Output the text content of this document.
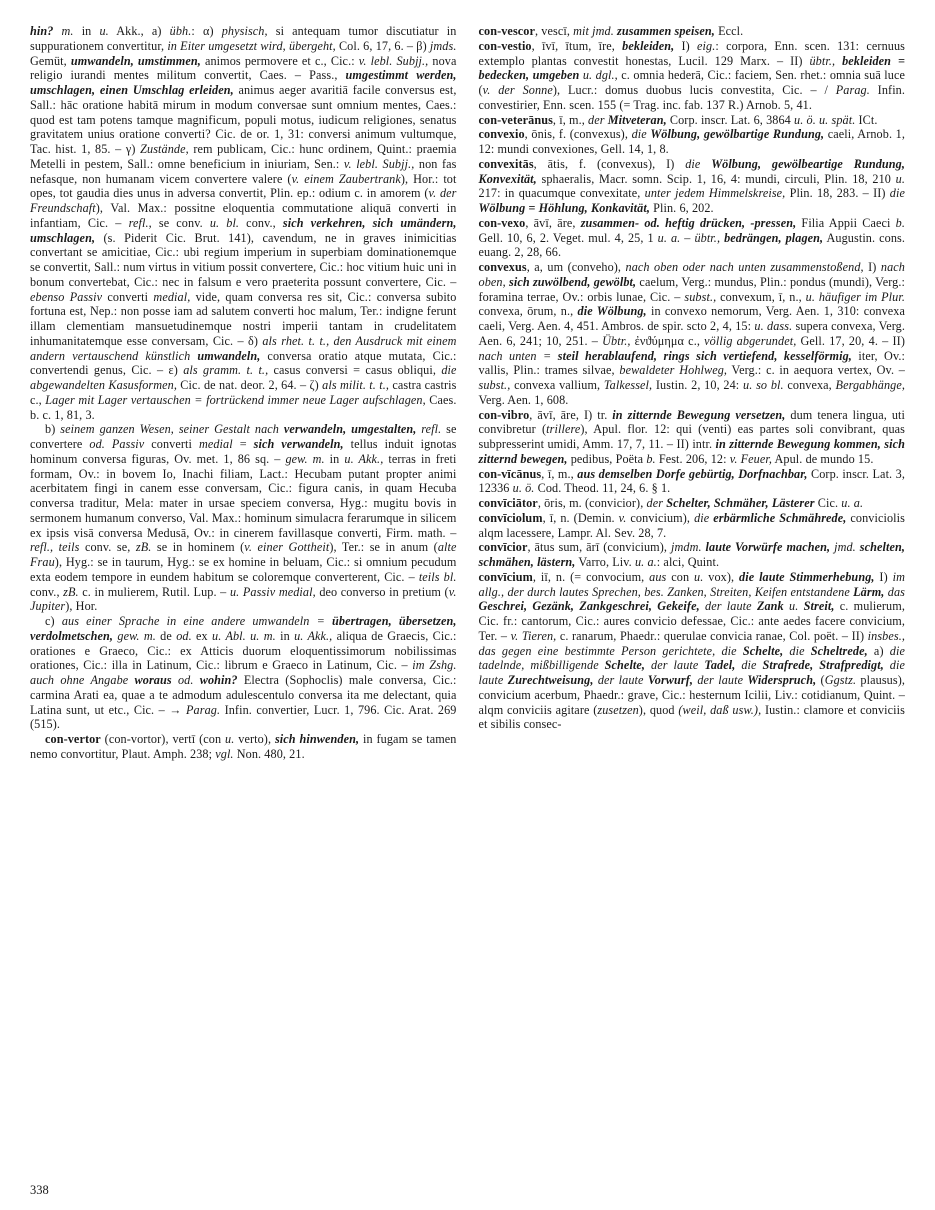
hin? m. in u. Akk., a) übh.: α) physisch, si antequam tumor discutiatur in suppurationem convertitur, in Eiter umgesetzt wird, übergeht, Col. 6, 17, 6. – β) jmds. Gemüt, umwandeln, umstimmen, animos permovere et c., Cic.: v. lebl. Subjj., nova religio iurandi mentes militum convertit, Caes. – Pass., umgestimmt werden, umschlagen, einen Umschlag erleiden, animus aeger avaritiā facile conversus est, Sall.: hāc oratione habitā mirum in modum conversae sunt omnium mentes, Caes.: quod est tam potens tamque magnificum, populi motus, iudicum religiones, senatus gravitatem unius oratione converti? Cic. de or. 1, 31: conversi animum vultumque, Tac. hist. 1, 85. – γ) Zustände, rem publicam, Cic.: hunc ordinem, Quint.: praemia Metelli in pestem, Sall.: omne beneficium in iniuriam, Sen.: v. lebl. Subjj., non fas nefasque, non humanam vicem convertere valere (v. einem Zaubertrank), Hor.: tot opes, tot gaudia dies unus in adversa convertit, Plin. ep.: odium c. in amorem (v. der Freundschaft), Val. Max.: possitne eloquentia commutatione aliquā converti in infantiam, Cic. – refl., se conv. u. bl. conv., sich verkehren, sich umändern, umschlagen, (s. Piderit Cic. Brut. 141), cavendum, ne in graves inimicitias convertant se amicitiae, Cic.: ubi regium imperium in superbiam dominationemque se convertit, Sall.: num virtus in vitium possit convertere, Cic.: hoc vitium huic uni in bonum convertebat, Cic.: nec in falsum e vero praeterita possunt convertere, Cic. – ebenso Passiv converti medial, vide, quam conversa res sit, Cic.: conversa subito fortuna est, Nep.: non posse iam ad salutem converti hoc malum, Ter.: indigne ferunt illam clementiam mansuetudinemque nostri imperii tantam in crudelitatem inhumanitatemque esse conversam, Cic. – δ) als rhet. t. t., den Ausdruck mit einem andern vertauschend künstlich umwandeln, conversa oratio atque mutata, Cic.: convertendi genus, Cic. – ε) als gramm. t. t., casus conversi = casus obliqui, die abgewandelten Kasusformen, Cic. de nat. deor. 2, 64. – ζ) als milit. t. t., castra castris c., Lager mit Lager vertauschen = fortrückend immer neue Lager aufschlagen, Caes. b. c. 1, 81, 3.

b) seinem ganzen Wesen, seiner Gestalt nach verwandeln, umgestalten, refl. se convertere od. Passiv converti medial = sich verwandeln, tellus induit ignotas hominum conversa figuras, Ov. met. 1, 86 sq. – gew. m. in u. Akk., terras in freti formam, Ov.: in bovem Io, Inachi filiam, Lact.: Hecubam putant propter animi acerbitatem fingi in canem esse conversam, Cic.: figura canis, in quam Hecuba conversa traditur, Mela: mater in ursae speciem conversa, Hyg.: mugitu bovis in sermonem humanum converso, Val. Max.: hominum simulacra ferarumque in silicem ex ipsis visā conversa Medusā, Ov.: in cinerem favillasque converti, Firm. math. – refl., teils conv. se, zB. se in hominem (v. einer Gottheit), Ter.: se in anum (alte Frau), Hyg.: se in taurum, Hyg.: se ex homine in beluam, Cic.: si omnium pecudum exta eodem tempore in eundem habitum se coloremque converterent, Cic. – teils bl. conv., zB. c. in mulierem, Rutil. Lup. – u. Passiv medial, deo converso in pretium (v. Jupiter), Hor.

c) aus einer Sprache in eine andere umwandeln = übertragen, übersetzen, verdolmetschen, gew. m. de od. ex u. Abl. u. m. in u. Akk., aliqua de Graecis, Cic.: orationes e Graeco, Cic.: ex Atticis duorum eloquentissimorum nobilissimas orationes, Cic.: illa in Latinum, Cic.: librum e Graeco in Latinum, Cic. – im Zshg. auch ohne Angabe woraus od. wohin? Electra (Sophoclis) male conversa, Cic.: carmina Arati ea, quae a te admodum adulescentulo conversa ita me delectant, quia Latina sunt, ut etc., Cic. – → Parag. Infin. convertier, Lucr. 1, 796. Cic. Arat. 269 (515).

con-vertor (con-vortor), vertī (con u. verto), sich hinwenden, in fugam se tamen nemo convortitur, Plaut. Amph. 238; vgl. Non. 480, 21.

con-vescor, vescī, mit jmd. zusammen speisen, Eccl.

con-vestio, īvī, ītum, īre, bekleiden, I) eig.: corpora, Enn. scen. 131: cernuus extemplo plantas convestit honestas, Lucil. 129 Marx. – II) übtr., bekleiden = bedecken, umgeben u. dgl., c. omnia hederā, Cic.: faciem, Sen. rhet.: omnia suā luce (v. der Sonne), Lucr.: domus duobus lucis convestita, Cic. – / Parag. Infin. convestirier, Enn. scen. 155 (= Trag. inc. fab. 137 R.) Arnob. 5, 41.

con-veterānus, ī, m., der Mitveteran, Corp. inscr. Lat. 6, 3864 u. ö. u. spät. ICt.

convexio, ōnis, f. (convexus), die Wölbung, gewölbartige Rundung, caeli, Arnob. 1, 12: mundi convexiones, Gell. 14, 1, 8.

convexitās, ātis, f. (convexus), I) die Wölbung, gewölbeartige Rundung, Konvexität, sphaeralis, Macr. somn. Scip. 1, 16, 4: mundi, circuli, Plin. 18, 210 u. 217: in quacumque convexitate, unter jedem Himmelskreise, Plin. 18, 283. – II) die Wölbung = Höhlung, Konkavität, Plin. 6, 202.

con-vexo, āvī, āre, zusammen- od. heftig drücken, -pressen, Filia Appii Caeci b. Gell. 10, 6, 2. Veget. mul. 4, 25, 1 u. a. – übtr., bedrängen, plagen, Augustin. cons. euang. 2, 28, 66.

convexus, a, um (conveho), nach oben oder nach unten zusammenstoßend, I) nach oben, sich zuwölbend, gewölbt, caelum, Verg.: mundus, Plin.: pondus (mundi), Verg.: foramina terrae, Ov.: orbis lunae, Cic. – subst., convexum, ī, n., u. häufiger im Plur. convexa, ōrum, n., die Wölbung, in convexo nemorum, Verg. Aen. 1, 310: convexa caeli, Verg. Aen. 4, 451. Ambros. de spir. scto 2, 4, 15: u. dass. supera convexa, Verg. Aen. 6, 241; 10, 251. – Übtr., ἐνϑύμημα c., völlig abgerundet, Gell. 17, 20, 4. – II) nach unten = steil herablaufend, rings sich vertiefend, kesselförmig, iter, Ov.: vallis, Plin.: trames silvae, bewaldeter Hohlweg, Verg.: c. in aequora vertex, Ov. – subst., convexa vallium, Talkessel, Iustin. 2, 10, 24: u. so bl. convexa, Bergabhänge, Verg. Aen. 1, 608.

con-vibro, āvī, āre, I) tr. in zitternde Bewegung versetzen, dum tenera lingua, uti convibretur (trillere), Apul. flor. 12: qui (venti) eas partes soli convibrant, quas subpresserint umidi, Amm. 17, 7, 11. – II) intr. in zitternde Bewegung kommen, sich zitternd bewegen, pedibus, Poëta b. Fest. 206, 12: v. Feuer, Apul. de mundo 15.

con-vīcānus, ī, m., aus demselben Dorfe gebürtig, Dorfnachbar, Corp. inscr. Lat. 3, 12336 u. ö. Cod. Theod. 11, 24, 6. § 1.

convīciātor, ōris, m. (convicior), der Schelter, Schmäher, Lästerer Cic. u. a.

convīciolum, ī, n. (Demin. v. convicium), die erbärmliche Schmährede, conviciolis alqm lacessere, Lampr. Al. Sev. 28, 7.

convīcior, ātus sum, ārī (convicium), jmdm. laute Vorwürfe machen, jmd. schelten, schmähen, lästern, Varro, Liv. u. a.: alci, Quint.

convīcium, iī, n. (= convocium, aus con u. vox), die laute Stimmerhebung, I) im allg., der durch lautes Sprechen, bes. Zanken, Streiten, Keifen entstandene Lärm, das Geschrei, Gezänk, Zankgeschrei, Gekeife, der laute Zank u. Streit, c. mulierum, Cic. fr.: cantorum, Cic.: aures convicio defessae, Cic.: ante aedes facere convicium, Ter. – v. Tieren, c. ranarum, Phaedr.: querulae convicia ranae, Col. poët. – II) insbes., das gegen eine bestimmte Person gerichtete, die Schelte, die Scheltrede, a) die tadelnde, mißbilligende Schelte, der laute Tadel, die Strafrede, Strafpredigt, die laute Zurechtweisung, der laute Vorwurf, der laute Widerspruch, (Ggstz. plausus), convicium acerbum, Phaedr.: grave, Cic.: hesternum Icilii, Liv.: cotidianum, Quint. – alqm conviciis agitare (zusetzen), quod (weil, daß usw.), Iustin.: clamore et conviciis et sibilis consec-

338
